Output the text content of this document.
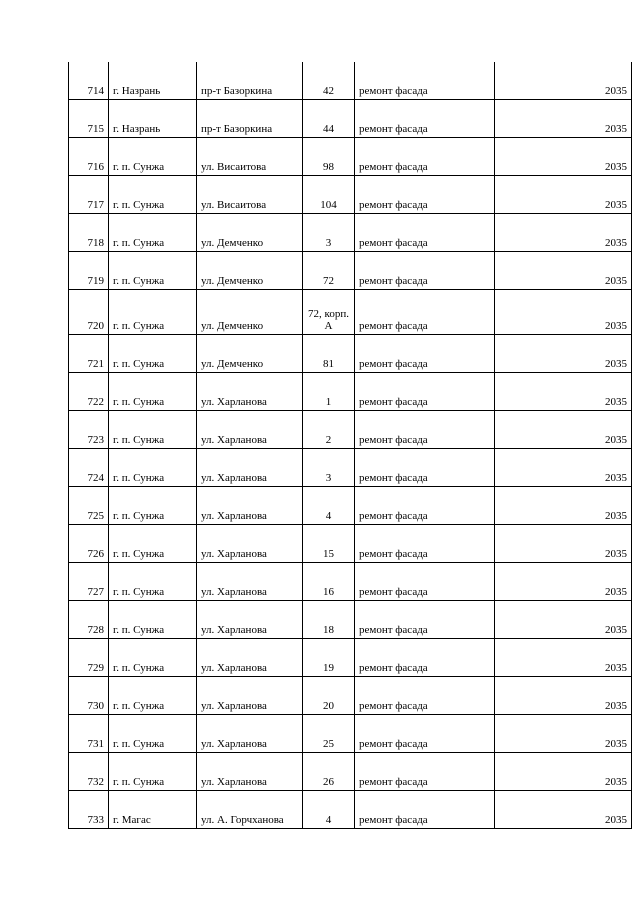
714	г. Назрань	пр-т Базоркина	42	ремонт фасада	2035
715	г. Назрань	пр-т Базоркина	44	ремонт фасада	2035
716	г. п. Сунжа	ул. Висаитова	98	ремонт фасада	2035
717	г. п. Сунжа	ул. Висаитова	104	ремонт фасада	2035
718	г. п. Сунжа	ул. Демченко	3	ремонт фасада	2035
719	г. п. Сунжа	ул. Демченко	72	ремонт фасада	2035
720	г. п. Сунжа	ул. Демченко	72, корп. А	ремонт фасада	2035
721	г. п. Сунжа	ул. Демченко	81	ремонт фасада	2035
722	г. п. Сунжа	ул. Харланова	1	ремонт фасада	2035
723	г. п. Сунжа	ул. Харланова	2	ремонт фасада	2035
724	г. п. Сунжа	ул. Харланова	3	ремонт фасада	2035
725	г. п. Сунжа	ул. Харланова	4	ремонт фасада	2035
726	г. п. Сунжа	ул. Харланова	15	ремонт фасада	2035
727	г. п. Сунжа	ул. Харланова	16	ремонт фасада	2035
728	г. п. Сунжа	ул. Харланова	18	ремонт фасада	2035
729	г. п. Сунжа	ул. Харланова	19	ремонт фасада	2035
730	г. п. Сунжа	ул. Харланова	20	ремонт фасада	2035
731	г. п. Сунжа	ул. Харланова	25	ремонт фасада	2035
732	г. п. Сунжа	ул. Харланова	26	ремонт фасада	2035
733	г. Магас	ул. А. Горчханова	4	ремонт фасада	2035
